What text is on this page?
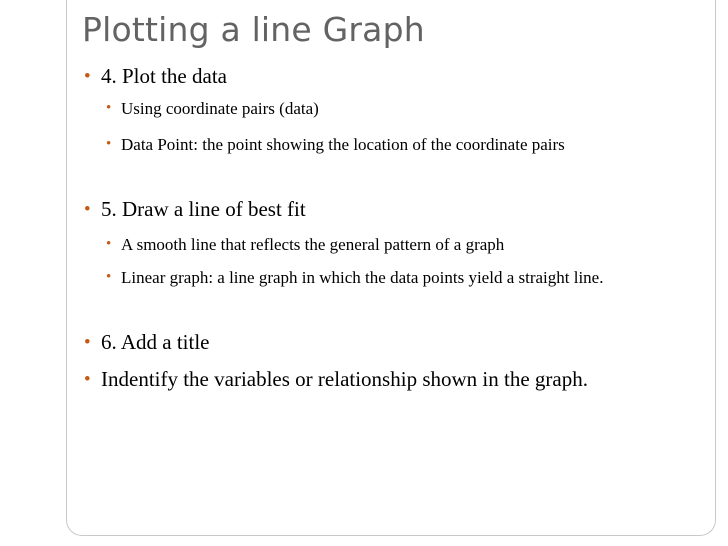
Plotting a line Graph
• 4. Plot the data
• Using coordinate pairs (data)
• Data Point: the point showing the location of the coordinate pairs
• 5. Draw a line of best fit
• A smooth line that reflects the general pattern of a graph
• Linear graph: a line graph in which the data points yield a straight line.
• 6. Add a title
• Indentify the variables or relationship shown in the graph.
